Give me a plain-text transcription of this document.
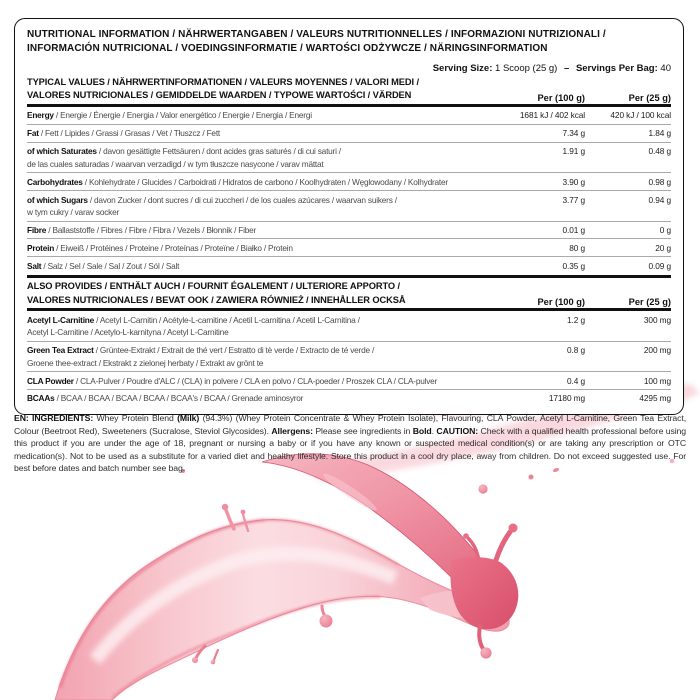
NUTRITIONAL INFORMATION / NÄHRWERTANGABEN / VALEURS NUTRITIONNELLES / INFORMAZIONI NUTRIZIONALI /
INFORMACIÓN NUTRICIONAL / VOEDINGSINFORMATIE / WARTOŚCI ODŻYWCZE / NÄRINGSINFORMATION
Serving Size: 1 Scoop (25 g) – Servings Per Bag: 40
TYPICAL VALUES / NÄHRWERTINFORMATIONEN / VALEURS MOYENNES / VALORI MEDI /
VALORES NUTRICIONALES / GEMIDDELDE WAARDEN / TYPOWE WARTOŚCI / VÄRDEN	Per (100 g)	Per (25 g)
Energy / Energie / Énergie / Energia / Valor energético / Energie / Energia / Energi	1681 kJ / 402 kcal	420 kJ / 100 kcal
Fat / Fett / Lipides / Grassi / Grasas / Vet / Tłuszcz / Fett	7.34 g	1.84 g
of which Saturates / davon gesättigte Fettsäuren / dont acides gras saturés / di cui saturi /
de las cuales saturadas / waarvan verzadigd / w tym tłuszcze nasycone / varav mättat
1.91 g	0.48 g
Carbohydrates / Kohlehydrate / Glucides / Carboidrati / Hidratos de carbono / Koolhydraten / Węglowodany / Kolhydrater	3.90 g	0.98 g
of which Sugars / davon Zucker / dont sucres / di cui zuccheri / de los cuales azúcares / waarvan suikers /
w tym cukry / varav socker
3.77 g	0.94 g
Fibre / Ballaststoffe / Fibres / Fibre / Fibra / Vezels / Błonnik / Fiber	0.01 g	0 g
Protein / Eiweiß / Protéines / Proteine / Proteínas / Proteïne / Białko / Protein	80 g	20 g
Salt / Salz / Sel / Sale / Sal / Zout / Sól / Salt	0.35 g	0.09 g
ALSO PROVIDES / ENTHÄLT AUCH / FOURNIT ÉGALEMENT / ULTERIORE APPORTO /
VALORES NUTRICIONALES / BEVAT OOK / ZAWIERA RÓWNIEŻ / INNEHÅLLER OCKSÅ	Per (100 g)	Per (25 g)
Acetyl L-Carnitine / Acetyl L-Carnitin / Acétyle-L-carnitine / Acetil L-carnitina / Acetil L-Carnitina /
Acetyl L-Carnitine / Acetylo-L-karnityna / Acetyl L-Carnitine
1.2 g	300 mg
Green Tea Extract / Grüntee-Extrakt / Extrait de thé vert / Estratto di tè verde / Extracto de té verde /
Groene thee-extract / Ekstrakt z zielonej herbaty / Extrakt av grönt te
0.8 g	200 mg
CLA Powder / CLA-Pulver / Poudre d'ALC / (CLA) in polvere / CLA en polvo / CLA-poeder / Proszek CLA / CLA-pulver	0.4 g	100 mg
BCAAs / BCAA / BCAA / BCAA / BCAA / BCAA's / BCAA / Grenade aminosyror	17180 mg	4295 mg
EN: INGREDIENTS: Whey Protein Blend (Milk) (94.3%) (Whey Protein Concentrate & Whey Protein Isolate), Flavouring, CLA Powder, Acetyl L-Carnitine, Green Tea Extract, Colour (Beetroot Red), Sweeteners (Sucralose, Steviol Glycosides). Allergens: Please see ingredients in Bold. CAUTION: Check with a qualified health professional before using this product if you are under the age of 18, pregnant or nursing a baby or if you have any known or suspected medical condition(s) or are taking any prescription or OTC medication(s). Not to be used as a substitute for a varied diet and healthy lifestyle. Store this product in a cool dry place, away from children. Do not exceed suggested use. For best before dates and batch number see bag.
